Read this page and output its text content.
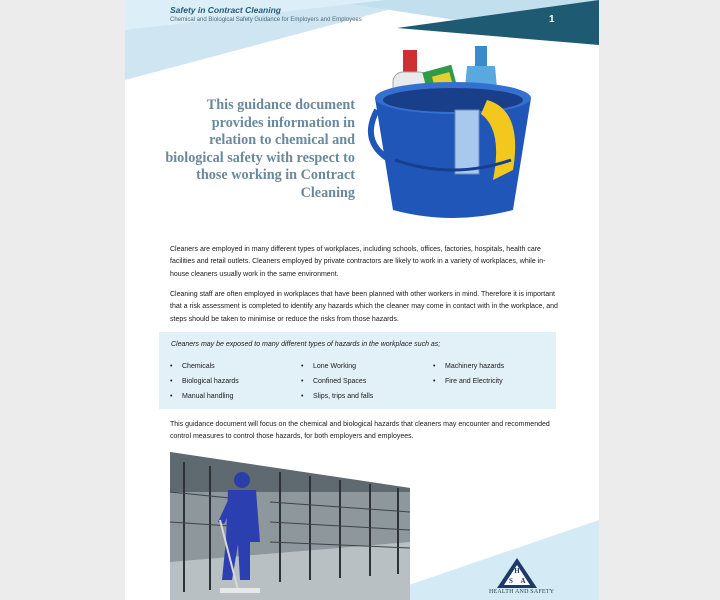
Safety in Contract Cleaning
Chemical and Biological Safety Guidance for Employers and Employees	1
This guidance document provides information in relation to chemical and biological safety with respect to those working in Contract Cleaning
Cleaners are employed in many different types of workplaces, including schools, offices, factories, hospitals, health care facilities and retail outlets. Cleaners employed by private contractors are likely to work in a variety of workplaces, while in-house cleaners usually work in the same environment.
Cleaning staff are often employed in workplaces that have been planned with other workers in mind. Therefore it is important that a risk assessment is completed to identify any hazards which the cleaner may come in contact with in the workplace, and steps should be taken to minimise or reduce the risks from those hazards.
Cleaners may be exposed to many different types of hazards in the workplace such as;
• Chemicals
• Biological hazards
• Manual handling
• Lone Working
• Confined Spaces
• Slips, trips and falls
• Machinery hazards
• Fire and Electricity
This guidance document will focus on the chemical and biological hazards that cleaners may encounter and recommended control measures to control those hazards, for both employers and employees.
H
S A
HEALTH AND SAFETY
